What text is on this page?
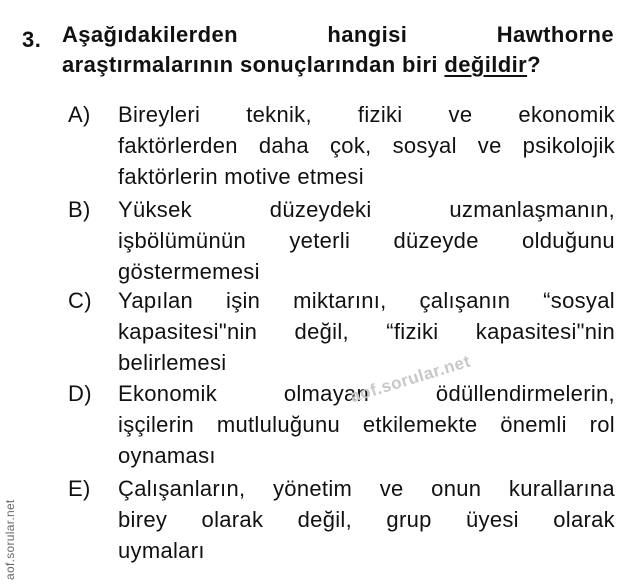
3. Aşağıdakilerden	hangisi	Hawthorne
araştırmalarının sonuçlarından biri değildir?
A) Bireyleri teknik, fiziki ve ekonomik
faktörlerden daha çok, sosyal ve psikolojik
faktörlerin motive etmesi
B) Yüksek	düzeydeki	uzmanlaşmanın,
işbölümünün yeterli düzeyde olduğunu
göstermemesi
C) Yapılan işin miktarını, çalışanın “sosyal
kapasitesi"nin değil, “fiziki kapasitesi"nin
belirlemesi
D) Ekonomik	olmayan	ödüllendirmelerin,
işçilerin mutluluğunu etkilemekte önemli rol
oynaması
E) Çalışanların, yönetim ve onun kurallarına
birey olarak değil, grup üyesi olarak
uymaları
aof.sorular.net
aof.sorular.net
